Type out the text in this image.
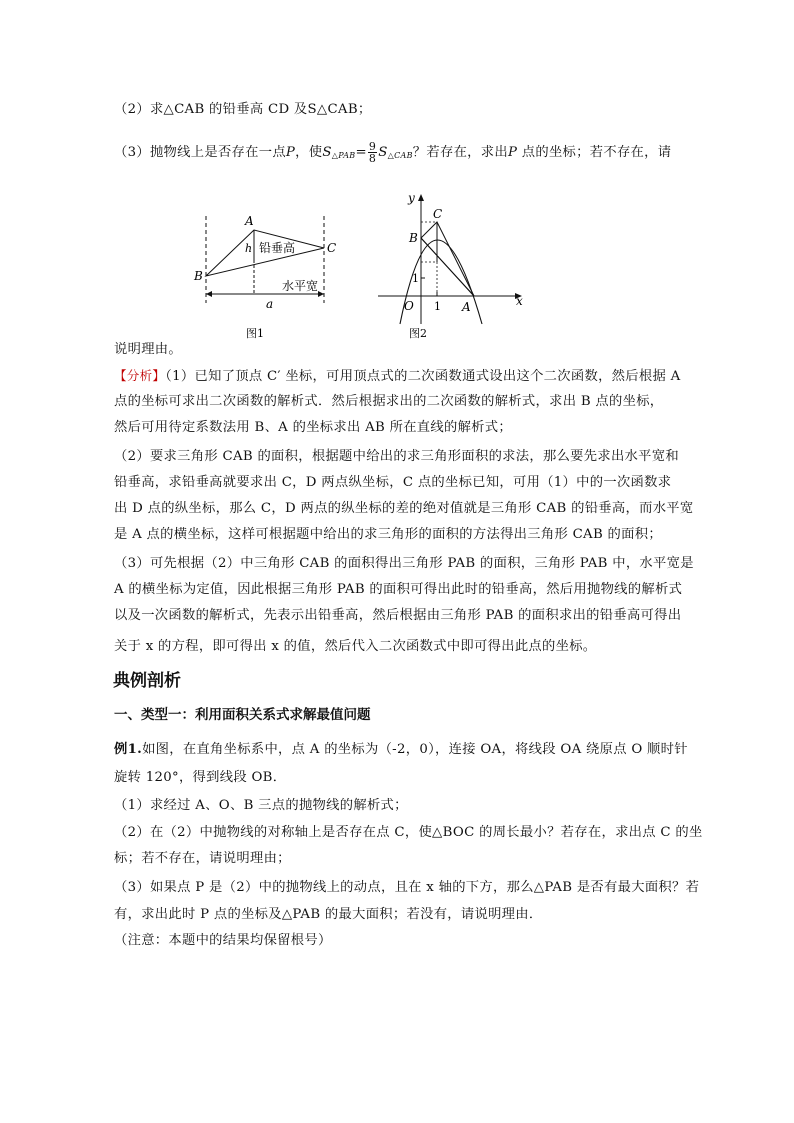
（2）求△CAB 的铅垂高 CD 及S△CAB；
（3）抛物线上是否存在一点P，使$S_{\triangle PAB}= \frac{9}{8} S_{\triangle CAB}$？若存在，求出P 点的坐标；若不存在，请
A
B
C
h 铅垂高
水平宽
a
图1
y
x
C
B
O	A
1
1
图2
说明理由。
【分析】（1）已知了顶点 C′ 坐标，可用顶点式的二次函数通式设出这个二次函数，然后根据 A
点的坐标可求出二次函数的解析式．然后根据求出的二次函数的解析式，求出 B 点的坐标，
然后可用待定系数法用 B、A 的坐标求出 AB 所在直线的解析式；
（2）要求三角形 CAB 的面积，根据题中给出的求三角形面积的求法，那么要先求出水平宽和
铅垂高，求铅垂高就要求出 C，D 两点纵坐标，C 点的坐标已知，可用（1）中的一次函数求
出 D 点的纵坐标，那么 C，D 两点的纵坐标的差的绝对值就是三角形 CAB 的铅垂高，而水平宽
是 A 点的横坐标，这样可根据题中给出的求三角形的面积的方法得出三角形 CAB 的面积；
（3）可先根据（2）中三角形 CAB 的面积得出三角形 PAB 的面积，三角形 PAB 中，水平宽是
A 的横坐标为定值，因此根据三角形 PAB 的面积可得出此时的铅垂高，然后用抛物线的解析式
以及一次函数的解析式，先表示出铅垂高，然后根据由三角形 PAB 的面积求出的铅垂高可得出
关于 x 的方程，即可得出 x 的值，然后代入二次函数式中即可得出此点的坐标。
典例剖析
一、类型一：利用面积关系式求解最值问题
例1.如图，在直角坐标系中，点 A 的坐标为（-2，0），连接 OA，将线段 OA 绕原点 O 顺时针
旋转 120°，得到线段 OB．
（1）求经过 A、O、B 三点的抛物线的解析式；
（2）在（2）中抛物线的对称轴上是否存在点 C，使△BOC 的周长最小？若存在，求出点 C 的坐
标；若不存在，请说明理由；
（3）如果点 P 是（2）中的抛物线上的动点，且在 x 轴的下方，那么△PAB 是否有最大面积？若
有，求出此时 P 点的坐标及△PAB 的最大面积；若没有，请说明理由．
（注意：本题中的结果均保留根号）
